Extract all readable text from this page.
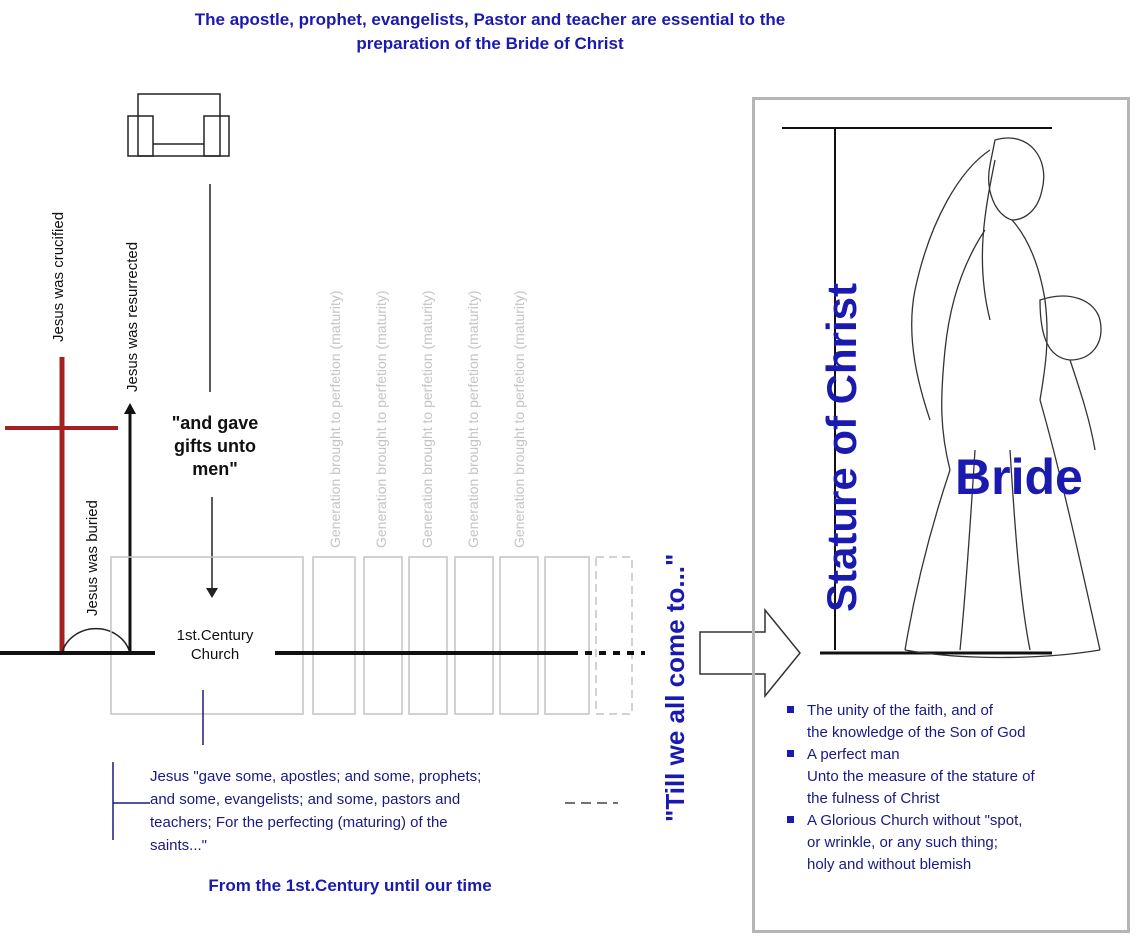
The apostle, prophet, evangelists, Pastor and teacher are essential to the
preparation of the Bride of Christ
Jesus was crucified	Jesus was resurrected
Jesus was buried
"and gave
gifts unto
men"
1st.Century
Church
Generation brought to perfetion (maturity) Generation brought to perfetion (maturity) Generation brought to perfetion (maturity) Generation brought to perfetion (maturity) Generation brought to perfetion (maturity)
Jesus "gave some, apostles; and some, prophets;
and some, evangelists; and some, pastors and
teachers; For the perfecting (maturing) of the
saints..."
From the 1st.Century until our time
"Till we all come to..."
Stature of Christ Bride
The unity of the faith, and of
the knowledge of the Son of God
A perfect man
Unto the measure of the stature of
the fulness of Christ
A Glorious Church without "spot,
or wrinkle, or any such thing;
holy and without blemish
